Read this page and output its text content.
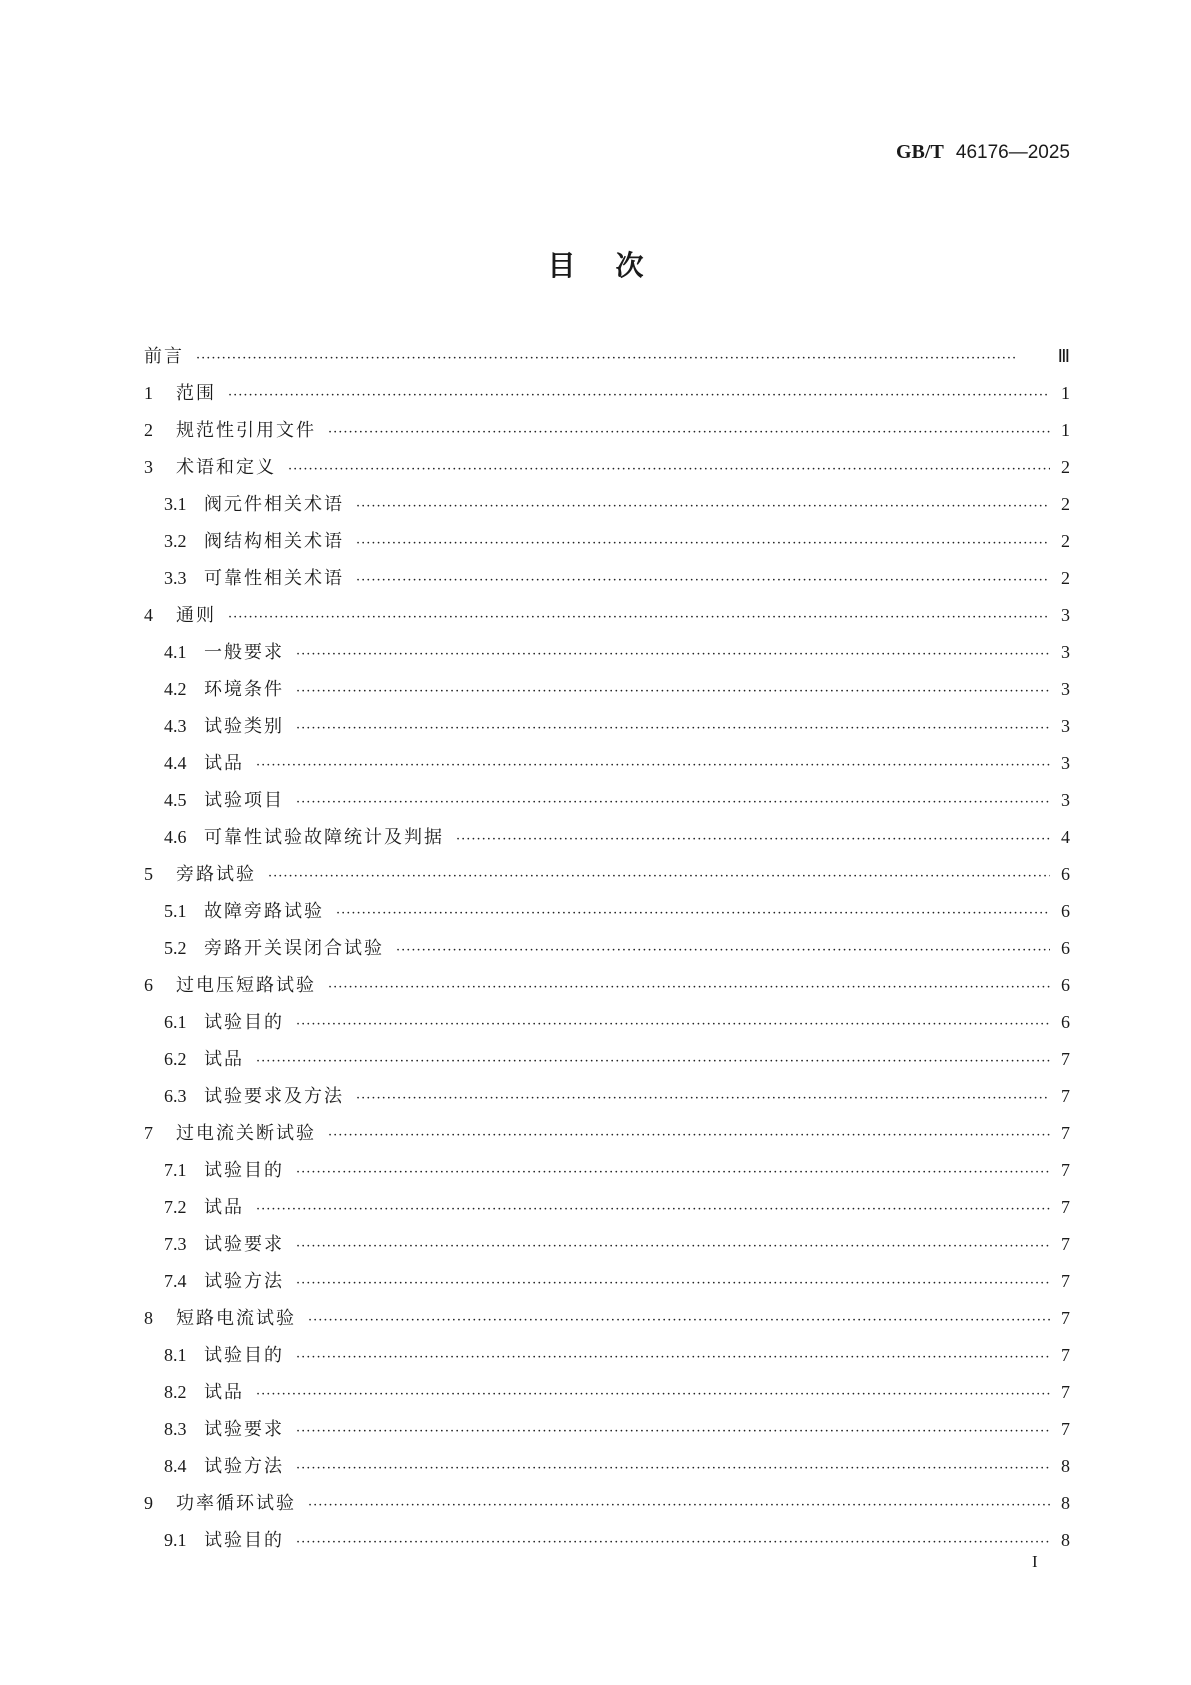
GB/T 46176—2025
目次
前言 ·····	Ⅲ
1	范围 ·····	1
2	规范性引用文件 ·····	1
3	术语和定义 ·····	2
3.1 阀元件相关术语 ·····	2
3.2 阀结构相关术语 ·····	2
3.3 可靠性相关术语 ·····	2
4	通则 ·····	3
4.1 一般要求 ·····	3
4.2 环境条件 ·····	3
4.3 试验类别 ·····	3
4.4 试品 ·····	3
4.5 试验项目 ·····	3
4.6 可靠性试验故障统计及判据 ·····	4
5	旁路试验 ·····	6
5.1 故障旁路试验 ·····	6
5.2 旁路开关误闭合试验 ·····	6
6	过电压短路试验 ·····	6
6.1 试验目的 ·····	6
6.2 试品 ·····	7
6.3 试验要求及方法 ·····	7
7	过电流关断试验 ·····	7
7.1 试验目的 ·····	7
7.2 试品 ·····	7
7.3 试验要求 ·····	7
7.4 试验方法 ·····	7
8	短路电流试验 ·····	7
8.1 试验目的 ·····	7
8.2 试品 ·····	7
8.3 试验要求 ·····	7
8.4 试验方法 ·····	8
9	功率循环试验 ·····	8
9.1 试验目的 ·····	8
I
